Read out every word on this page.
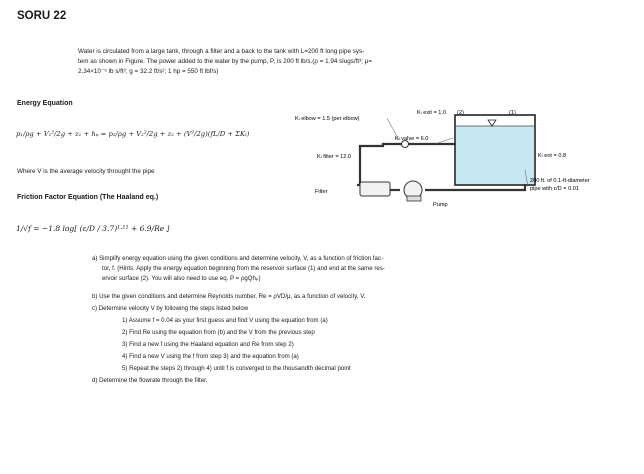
SORU 22
Water is circulated from a large tank, through a filter and a back to the tank with L=200 ft long pipe sys-
tem as shown in Figure. The power added to the water by the pump, P, is 200 ft lb/s.(ρ = 1.94 slugs/ft³; μ=
2.34×10⁻⁵ lb s/ft²; g = 32.2 ft/s²; 1 hp = 550 ft lbf/s)
Energy Equation
p₁/ρg + V₁²/2g + z₁ + hₚ = p₂/ρg + V₂²/2g + z₂ + (V²/2g)(fL/D + ΣKₗ)
Where V is the average velocity throught the pipe
Friction Factor Equation (The Haaland eq.)
1/√f = −1.8 log[ (ε/D / 3.7)¹·¹¹ + 6.9/Re ]
Kₗ elbow = 1.5 (per elbow)
Kₗ exit = 1.0 (2)	(1)
Kₗ valve = 6.0
Kₗ filter = 12.0	Kₗ ent = 0.8
Filter
Pump
200 ft. of 0.1-ft-diameter
pipe with ε/D = 0.01
a) Simplify energy equation using the given conditions and determine velocity, V, as a function of friction fac-
tor, f. (Hints: Apply the energy equation beginning from the reservoir surface (1) and end at the same res-
ervoir surface (2). You will also need to use eq. P = ρgQhₚ)
b) Use the given conditions and determine Reynolds number, Re = ρVD/μ, as a function of velocity, V.
c) Determine velocity V by following the steps listed below
1) Assume f = 0.04 as your first guess and find V using the equation from (a)
2) Find Re using the equation from (b) and the V from the previous step
3) Find a new f using the Haaland equation and Re from step 2)
4) Find a new V using the f from step 3) and the equation from (a)
5) Repeat the steps 2) through 4) until f is converged to the thousandth decimal point
d) Determine the flowrate through the filter.
